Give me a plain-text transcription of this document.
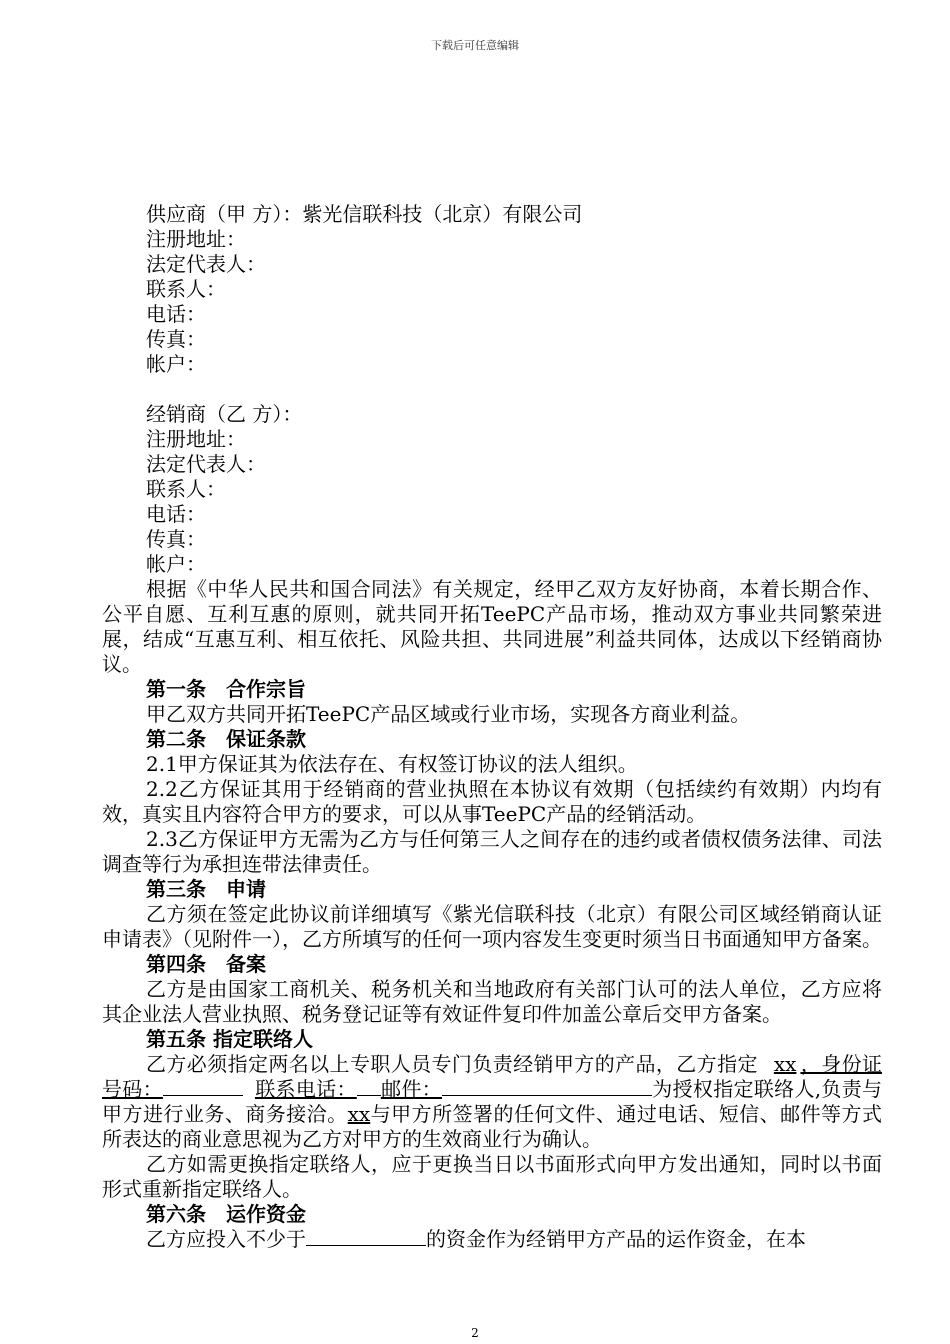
下载后可任意编辑
供应商（甲 方）：紫光信联科技（北京）有限公司
注册地址：
法定代表人：
联系人：
电话：
传真：
帐户：
经销商（乙 方）：
注册地址：
法定代表人：
联系人：
电话：
传真：
帐户：
根据《中华人民共和国合同法》有关规定，经甲乙双方友好协商，本着长期合作、公平自愿、互利互惠的原则，就共同开拓TeePC产品市场，推动双方事业共同繁荣进展，结成“互惠互利、相互依托、风险共担、共同进展”利益共同体，达成以下经销商协议。
第一条　合作宗旨
甲乙双方共同开拓TeePC产品区域或行业市场，实现各方商业利益。
第二条　保证条款
2.1甲方保证其为依法存在、有权签订协议的法人组织。
2.2乙方保证其用于经销商的营业执照在本协议有效期（包括续约有效期）内均有效，真实且内容符合甲方的要求，可以从事TeePC产品的经销活动。
2.3乙方保证甲方无需为乙方与任何第三人之间存在的违约或者债权债务法律、司法调查等行为承担连带法律责任。
第三条　申请
乙方须在签定此协议前详细填写《紫光信联科技（北京）有限公司区域经销商认证申请表》（见附件一），乙方所填写的任何一项内容发生变更时须当日书面通知甲方备案。
第四条　备案
乙方是由国家工商机关、税务机关和当地政府有关部门认可的法人单位，乙方应将其企业法人营业执照、税务登记证等有效证件复印件加盖公章后交甲方备案。
第五条 指定联络人
乙方必须指定两名以上专职人员专门负责经销甲方的产品，乙方指定 xx ，身份证号码：	联系电话： 邮件：	为授权指定联络人,负责与甲方进行业务、商务接洽。xx与甲方所签署的任何文件、通过电话、短信、邮件等方式所表达的商业意思视为乙方对甲方的生效商业行为确认。
乙方如需更换指定联络人，应于更换当日以书面形式向甲方发出通知，同时以书面形式重新指定联络人。
第六条　运作资金
乙方应投入不少于	的资金作为经销甲方产品的运作资金，在本
2
